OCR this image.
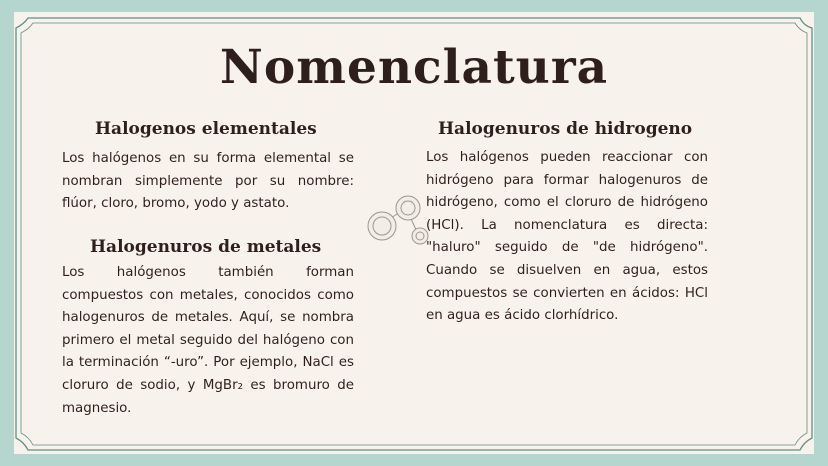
Nomenclatura
Halogenos elementales

Los halógenos en su forma elemental se nombran simplemente por su nombre: flúor, cloro, bromo, yodo y astato.

Halogenuros de metales

Los halógenos también forman compuestos con metales, conocidos como halogenuros de metales. Aquí, se nombra primero el metal seguido del halógeno con la terminación “-uro”. Por ejemplo, NaCl es cloruro de sodio, y MgBr₂ es bromuro de magnesio.

Halogenuros de hidrogeno

Los halógenos pueden reaccionar con hidrógeno para formar halogenuros de hidrógeno, como el cloruro de hidrógeno (HCl). La nomenclatura es directa: "haluro" seguido de "de hidrógeno". Cuando se disuelven en agua, estos compuestos se convierten en ácidos: HCl en agua es ácido clorhídrico.
